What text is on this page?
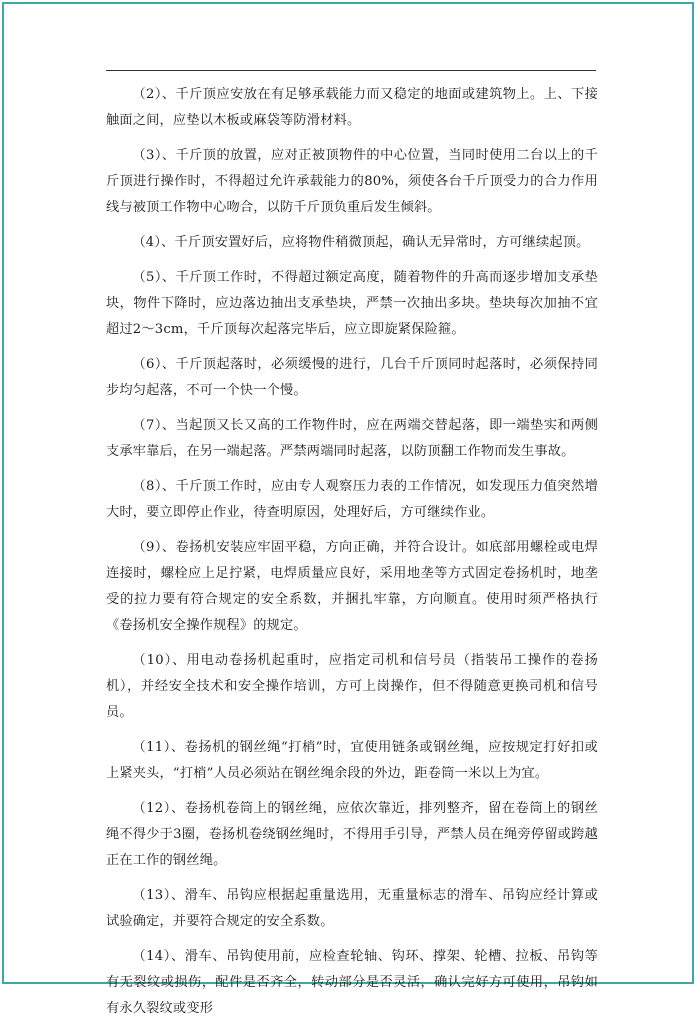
（2）、千斤顶应安放在有足够承载能力而又稳定的地面或建筑物上。上、下接触面之间，应垫以木板或麻袋等防滑材料。

（3）、千斤顶的放置，应对正被顶物件的中心位置，当同时使用二台以上的千斤顶进行操作时，不得超过允许承载能力的80%，须使各台千斤顶受力的合力作用线与被顶工作物中心吻合，以防千斤顶负重后发生倾斜。

（4）、千斤顶安置好后，应将物件稍微顶起，确认无异常时，方可继续起顶。

（5）、千斤顶工作时，不得超过额定高度，随着物件的升高而逐步增加支承垫块，物件下降时，应边落边抽出支承垫块，严禁一次抽出多块。垫块每次加抽不宜超过2～3cm，千斤顶每次起落完毕后，应立即旋紧保险箍。

（6）、千斤顶起落时，必须缓慢的进行，几台千斤顶同时起落时，必须保持同步均匀起落，不可一个快一个慢。

（7）、当起顶又长又高的工作物件时，应在两端交替起落，即一端垫实和两侧支承牢靠后，在另一端起落。严禁两端同时起落，以防顶翻工作物而发生事故。

（8）、千斤顶工作时，应由专人观察压力表的工作情况，如发现压力值突然增大时，要立即停止作业，待查明原因，处理好后，方可继续作业。

（9）、卷扬机安装应牢固平稳，方向正确，并符合设计。如底部用螺栓或电焊连接时，螺栓应上足拧紧，电焊质量应良好，采用地垄等方式固定卷扬机时，地垄受的拉力要有符合规定的安全系数，并捆扎牢靠，方向顺直。使用时须严格执行《卷扬机安全操作规程》的规定。

（10）、用电动卷扬机起重时，应指定司机和信号员（指装吊工操作的卷扬机），并经安全技术和安全操作培训，方可上岗操作，但不得随意更换司机和信号员。

（11）、卷扬机的钢丝绳“打梢”时，宜使用链条或钢丝绳，应按规定打好扣或上紧夹头，“打梢”人员必须站在钢丝绳余段的外边，距卷筒一米以上为宜。

（12）、卷扬机卷筒上的钢丝绳，应依次靠近，排列整齐，留在卷筒上的钢丝绳不得少于3圈，卷扬机卷绕钢丝绳时，不得用手引导，严禁人员在绳旁停留或跨越正在工作的钢丝绳。

（13）、滑车、吊钩应根据起重量选用，无重量标志的滑车、吊钩应经计算或试验确定，并要符合规定的安全系数。

（14）、滑车、吊钩使用前，应检查轮轴、钩环、撑架、轮槽、拉板、吊钩等有无裂纹或损伤，配件是否齐全，转动部分是否灵活，确认完好方可使用，吊钩如有永久裂纹或变形
